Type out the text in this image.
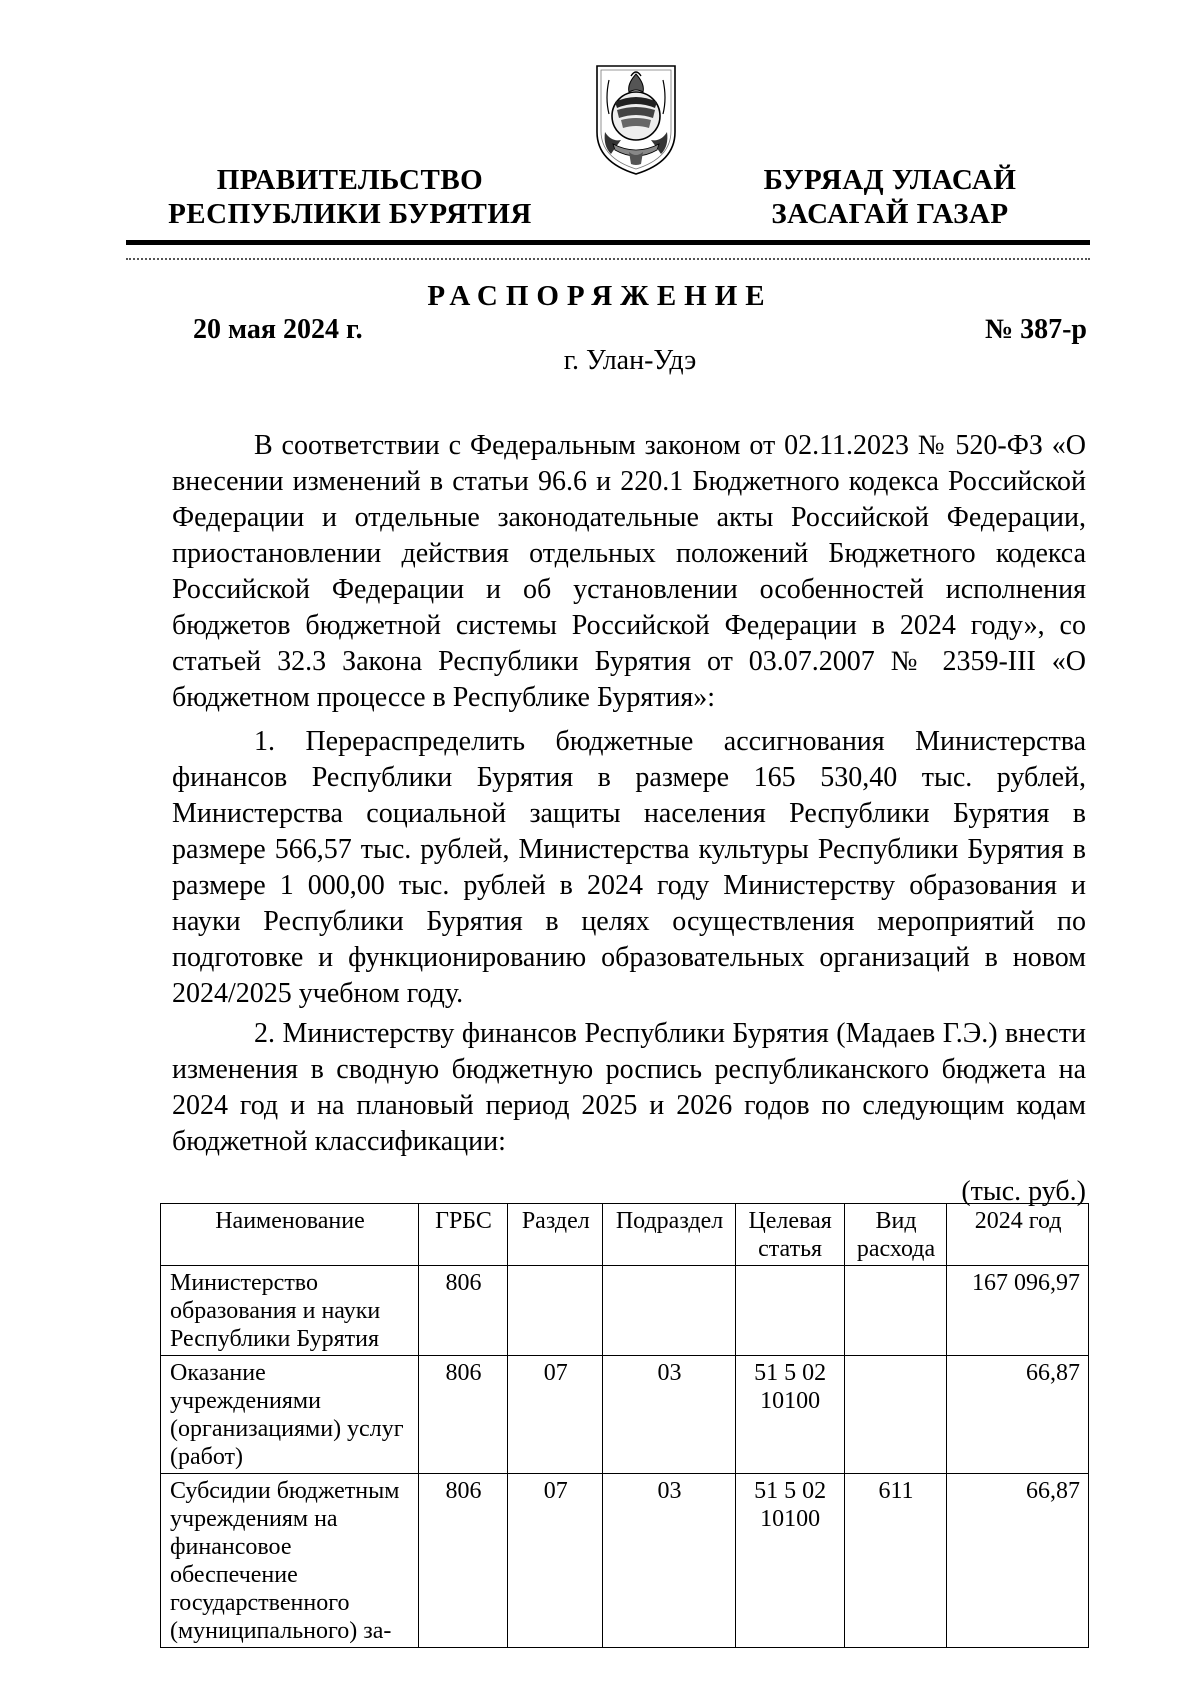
ПРАВИТЕЛЬСТВО
РЕСПУБЛИКИ БУРЯТИЯ
БУРЯАД УЛАСАЙ
ЗАСАГАЙ ГАЗАР
РАСПОРЯЖЕНИЕ
20 мая 2024 г.	№ 387-р
г. Улан-Удэ

В соответствии с Федеральным законом от 02.11.2023 № 520-ФЗ «О внесении изменений в статьи 96.6 и 220.1 Бюджетного кодекса Российской Федерации и отдельные законодательные акты Российской Федерации, приостановлении действия отдельных положений Бюджетного кодекса Российской Федерации и об установлении особенностей исполнения бюджетов бюджетной системы Российской Федерации в 2024 году», со статьей 32.3 Закона Республики Бурятия от 03.07.2007 № 2359-III «О бюджетном процессе в Республике Бурятия»:

1. Перераспределить бюджетные ассигнования Министерства финансов Республики Бурятия в размере 165 530,40 тыс. рублей, Министерства социальной защиты населения Республики Бурятия в размере 566,57 тыс. рублей, Министерства культуры Республики Бурятия в размере 1 000,00 тыс. рублей в 2024 году Министерству образования и науки Республики Бурятия в целях осуществления мероприятий по подготовке и функционированию образовательных организаций в новом 2024/2025 учебном году.

2. Министерству финансов Республики Бурятия (Мадаев Г.Э.) внести изменения в сводную бюджетную роспись республиканского бюджета на 2024 год и на плановый период 2025 и 2026 годов по следующим кодам бюджетной классификации:

(тыс. руб.)
Наименование	ГРБС	Раздел	Подраздел	Целевая статья	Вид расхода	2024 год
Министерство образования и науки Республики Бурятия	806					167 096,97
Оказание учреждениями (организациями) услуг (работ)	806	07	03	51 5 02 10100		66,87
Субсидии бюджетным учреждениям на финансовое обеспечение государственного (муниципального) за-	806	07	03	51 5 02 10100	611	66,87
